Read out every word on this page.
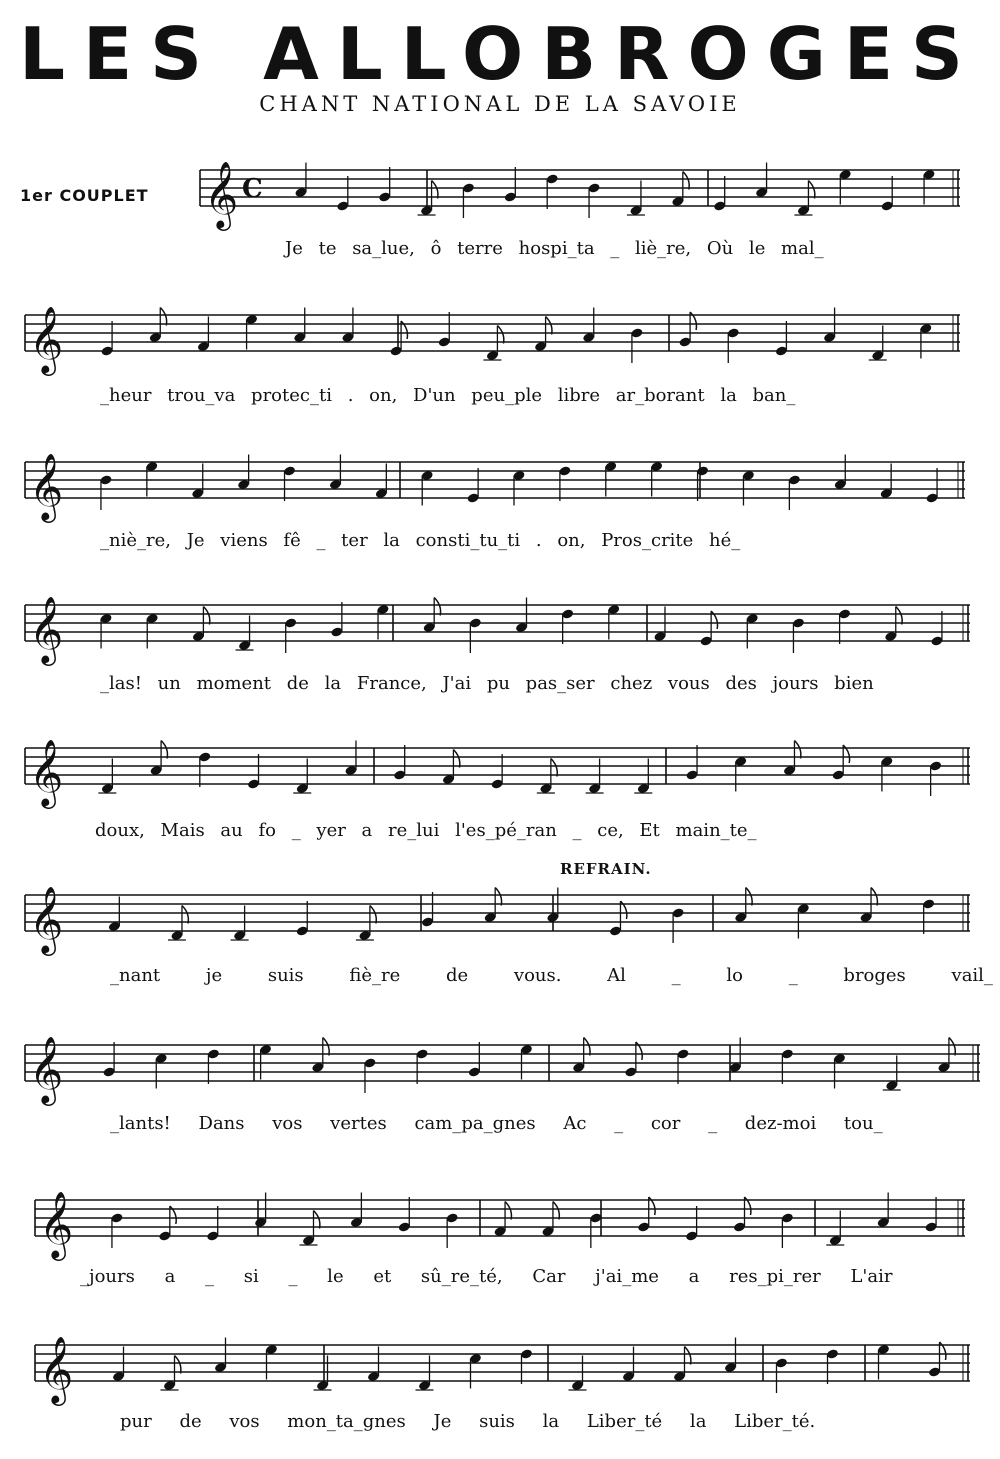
LES ALLOBROGES
CHANT NATIONAL DE LA SAVOIE
1er COUPLET
REFRAIN.
𝄞 C
Je te sa_lue, ô terre hospi_ta _ liè_re, Où le mal_
𝄞
_heur trou_va protec_ti . on, D'un peu_ple libre ar_borant la ban_
𝄞
_niè_re, Je viens fê _ ter la consti_tu_ti . on, Pros_crite hé_
𝄞
_las! un moment de la France, J'ai pu pas_ser chez vous des jours bien
𝄞
doux, Mais au fo _ yer a re_lui l'es_pé_ran _ ce, Et main_te_
𝄞
_nant je suis fiè_re de vous. Al _ lo _ broges vail_
𝄞
_lants! Dans vos vertes cam_pa_gnes Ac _ cor _ dez-moi tou_
𝄞
_jours a _ si _ le et sû_re_té, Car j'ai_me a res_pi_rer L'air
𝄞
pur de vos mon_ta_gnes Je suis la Liber_té la Liber_té.
